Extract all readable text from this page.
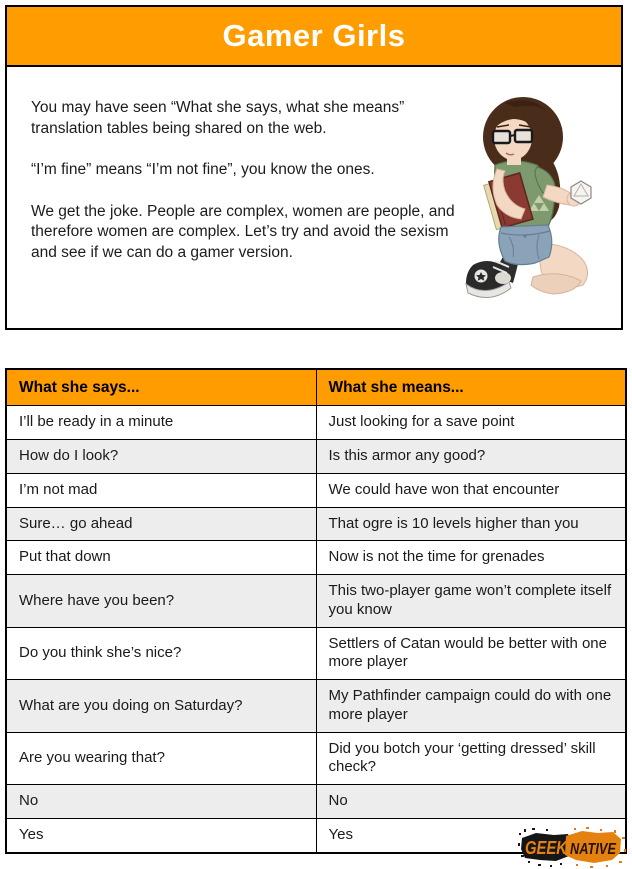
Gamer Girls

You may have seen “What she says, what she means” translation tables being shared on the web.

“I’m fine” means “I’m not fine”, you know the ones.

We get the joke. People are complex, women are people, and therefore women are complex. Let’s try and avoid the sexism and see if we can do a gamer version.

What she says...	What she means...
I’ll be ready in a minute	Just looking for a save point
How do I look?	Is this armor any good?
I’m not mad	We could have won that encounter
Sure… go ahead	That ogre is 10 levels higher than you
Put that down	Now is not the time for grenades
Where have you been?	This two-player game won’t complete itself you know
Do you think she’s nice?	Settlers of Catan would be better with one more player
What are you doing on Saturday?	My Pathfinder campaign could do with one more player
Are you wearing that?	Did you botch your ‘getting dressed’ skill check?
No	No
Yes	Yes
GEEK NATIVE
